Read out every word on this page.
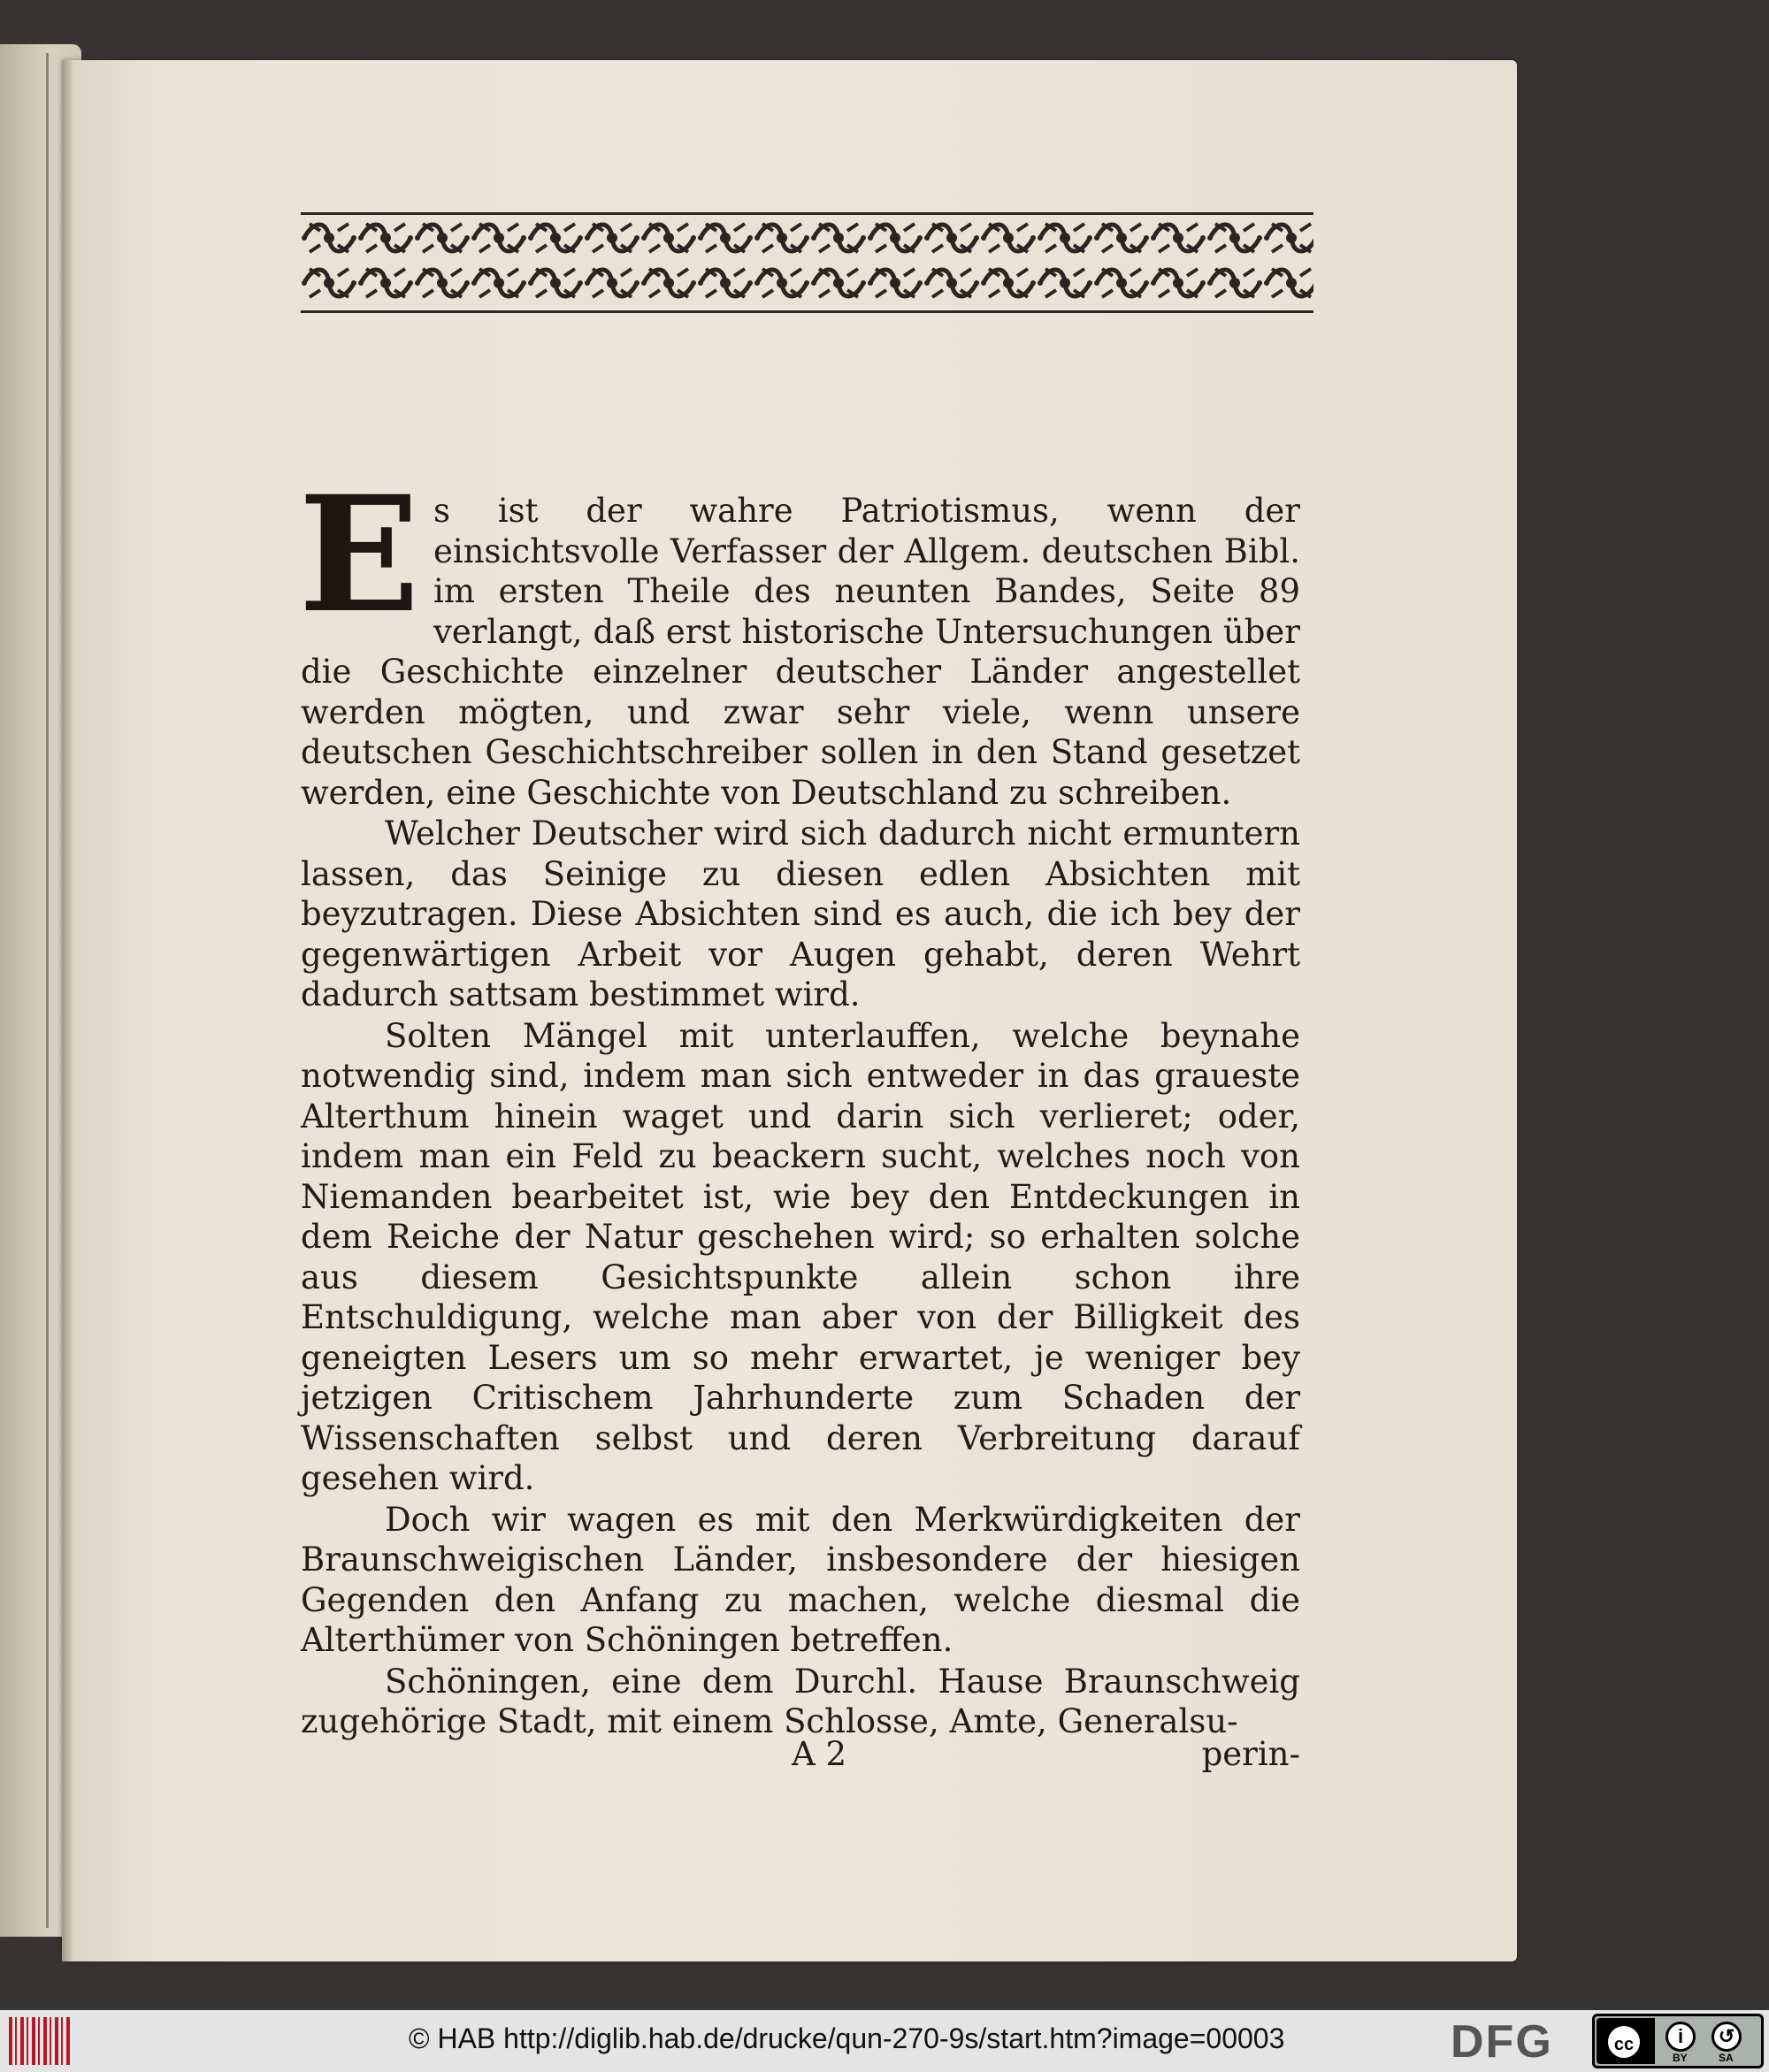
Es ist der wahre Patriotismus, wenn der einsichtsvolle Verfasser der Allgem. deutschen Bibl. im ersten Theile des neunten Bandes, Seite 89 verlangt, daß erst historische Untersuchungen über die Geschichte einzelner deutscher Länder angestellet werden mögten, und zwar sehr viele, wenn unsere deutschen Geschichtschreiber sollen in den Stand gesetzet werden, eine Geschichte von Deutschland zu schreiben.

Welcher Deutscher wird sich dadurch nicht ermuntern lassen, das Seinige zu diesen edlen Absichten mit beyzutragen. Diese Absichten sind es auch, die ich bey der gegenwärtigen Arbeit vor Augen gehabt, deren Wehrt dadurch sattsam bestimmet wird.

Solten Mängel mit unterlauffen, welche beynahe notwendig sind, indem man sich entweder in das graueste Alterthum hinein waget und darin sich verlieret; oder, indem man ein Feld zu beackern sucht, welches noch von Niemanden bearbeitet ist, wie bey den Entdeckungen in dem Reiche der Natur geschehen wird; so erhalten solche aus diesem Gesichtspunkte allein schon ihre Entschuldigung, welche man aber von der Billigkeit des geneigten Lesers um so mehr erwartet, je weniger bey jetzigen Critischem Jahrhunderte zum Schaden der Wissenschaften selbst und deren Verbreitung darauf gesehen wird.

Doch wir wagen es mit den Merkwürdigkeiten der Braunschweigischen Länder, insbesondere der hiesigen Gegenden den Anfang zu machen, welche diesmal die Alterthümer von Schöningen betreffen.

Schöningen, eine dem Durchl. Hause Braunschweig zugehörige Stadt, mit einem Schlosse, Amte, Generalsu-

A 2	perin-
© HAB http://diglib.hab.de/drucke/qun-270-9s/start.htm?image=00003	DFG	cc	i	↺
BY	SA
